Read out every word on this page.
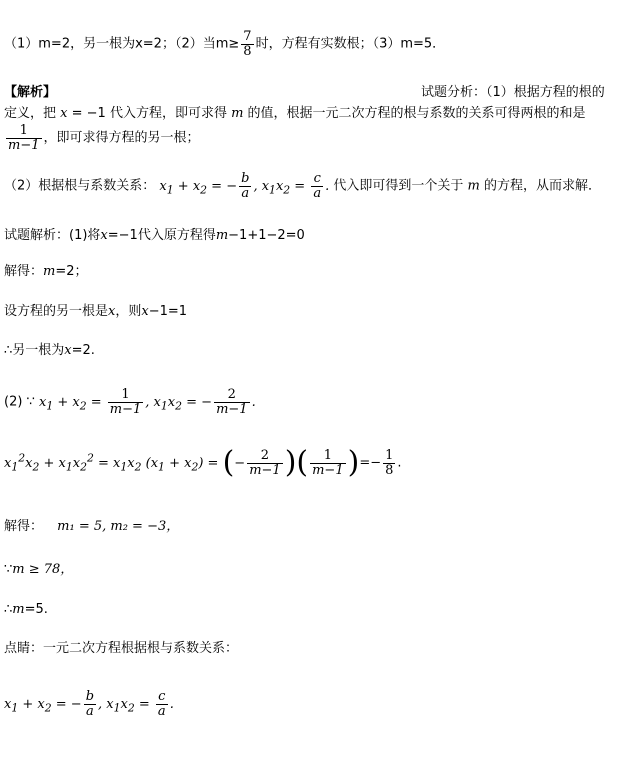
（1）m=2，另一根为x=2；（2）当$m\ge \frac{7}{8}$ 时，方程有实数根；（3）m=5．
【解析】	试题分析：（1）根据方程的根的
定义，把 x = −1 代入方程，即可求得 m 的值，根据一元二次方程的根与系数的关系可得两根的和是
$\frac{1}{m-1}$ ，即可求得方程的另一根；
（2）根据根与系数关系： $x_1 + x_2$ = − $\frac{b}{a}$ , $x_1x_2 = \frac{c}{a}$ . 代入即可得到一个关于 m 的方程，从而求解．
试题解析：(1)将x=−1代入原方程得m−1+1−2=0
解得：m=2；
设方程的另一根是x，则x−1=1
∴另一根为x=2.
(2) ∵ $x_1 + x_2 = \frac{1}{m-1}$ , $x_1x_2$ = − $\frac{2}{m-1}$ .
$x_1^2x_2 + x_1x_2^2 = x_1x_2$ $(x_1 + x_2)$ = (− $\frac{2}{m-1}$ )( $\frac{1}{m-1}$ )=− $\frac{1}{8}$ .
解得： m₁ = 5, m₂ = −3，
∵m ≥ 78，
∴m=5.
点睛：一元二次方程根据根与系数关系：
$x_1 + x_2$ = − $\frac{b}{a}$ , $x_1x_2 = \frac{c}{a}$ .
